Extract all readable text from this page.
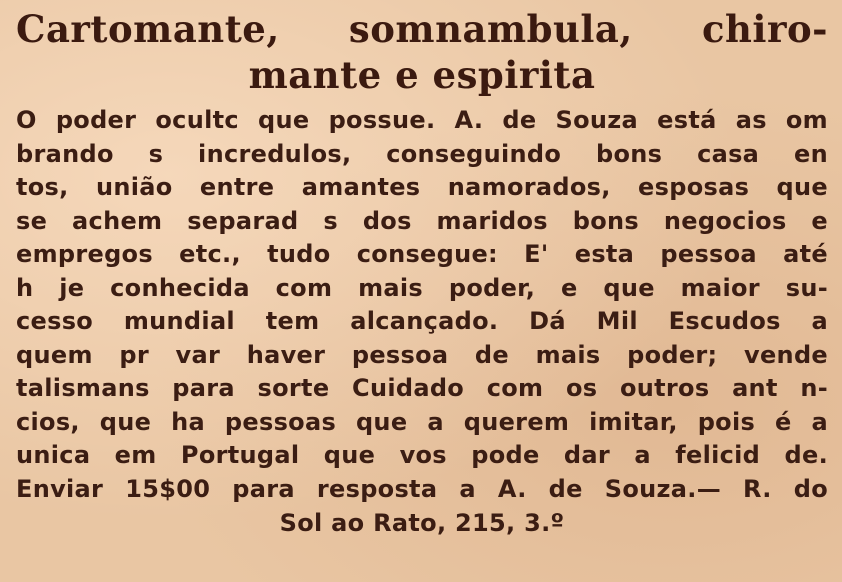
Cartomante, somnambula, chiro-
mante e espirita
O poder ocultc que possue. A. de Souza está as om
brando s incredulos, conseguindo bons casa en
tos, união entre amantes namorados, esposas que
se achem separad s dos maridos bons negocios e
empregos etc., tudo consegue: E' esta pessoa até
h je conhecida com mais poder, e que maior su-
cesso mundial tem alcançado. Dá Mil Escudos a
quem pr var haver pessoa de mais poder; vende
talismans para sorte Cuidado com os outros ant n-
cios, que ha pessoas que a querem imitar, pois é a
unica em Portugal que vos pode dar a felicid de.
Enviar 15$00 para resposta a A. de Souza.— R. do
Sol ao Rato, 215, 3.º
